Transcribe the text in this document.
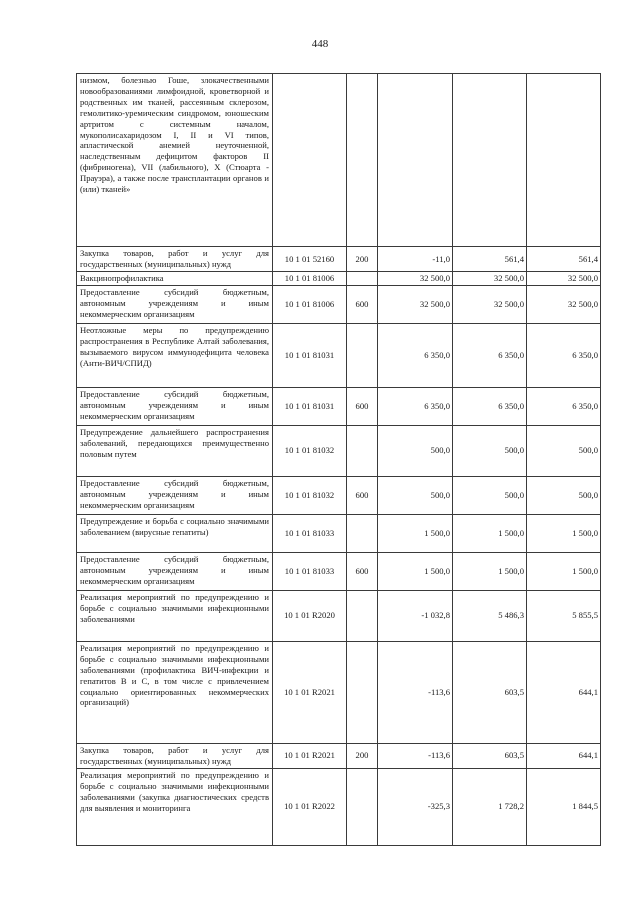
448
низмом, болезнью Гоше, злокачественными новообразованиями лимфоидной, кроветворной и родственных им тканей, рассеянным склерозом, гемолитико-уремическим синдромом, юношеским артритом с системным началом, мукополисахаридозом I, II и VI типов, апластической анемией неуточненной, наследственным дефицитом факторов II (фибриногена), VII (лабильного), X (Стюарта - Прауэра), а также после трансплантации органов и (или) тканей»					
Закупка товаров, работ и услуг для государственных (муниципальных) нужд	10 1 01 52160	200	-11,0	561,4	561,4
Вакцинопрофилактика	10 1 01 81006		32 500,0	32 500,0	32 500,0
Предоставление субсидий бюджетным, автономным учреждениям и иным некоммерческим организациям	10 1 01 81006	600	32 500,0	32 500,0	32 500,0
Неотложные меры по предупреждению распространения в Республике Алтай заболевания, вызываемого вирусом иммунодефицита человека (Анти-ВИЧ/СПИД)	10 1 01 81031		6 350,0	6 350,0	6 350,0
Предоставление субсидий бюджетным, автономным учреждениям и иным некоммерческим организациям	10 1 01 81031	600	6 350,0	6 350,0	6 350,0
Предупреждение дальнейшего распространения заболеваний, передающихся преимущественно половым путем	10 1 01 81032		500,0	500,0	500,0
Предоставление субсидий бюджетным, автономным учреждениям и иным некоммерческим организациям	10 1 01 81032	600	500,0	500,0	500,0
Предупреждение и борьба с социально значимыми заболеванием (вирусные гепатиты)	10 1 01 81033		1 500,0	1 500,0	1 500,0
Предоставление субсидий бюджетным, автономным учреждениям и иным некоммерческим организациям	10 1 01 81033	600	1 500,0	1 500,0	1 500,0
Реализация мероприятий по предупреждению и борьбе с социально значимыми инфекционными заболеваниями	10 1 01 R2020		-1 032,8	5 486,3	5 855,5
Реализация мероприятий по предупреждению и борьбе с социально значимыми инфекционными заболеваниями (профилактика ВИЧ-инфекции и гепатитов B и C, в том числе с привлечением социально ориентированных некоммерческих организаций)	10 1 01 R2021		-113,6	603,5	644,1
Закупка товаров, работ и услуг для государственных (муниципальных) нужд	10 1 01 R2021	200	-113,6	603,5	644,1
Реализация мероприятий по предупреждению и борьбе с социально значимыми инфекционными заболеваниями (закупка диагностических средств для выявления и мониторинга	10 1 01 R2022		-325,3	1 728,2	1 844,5
